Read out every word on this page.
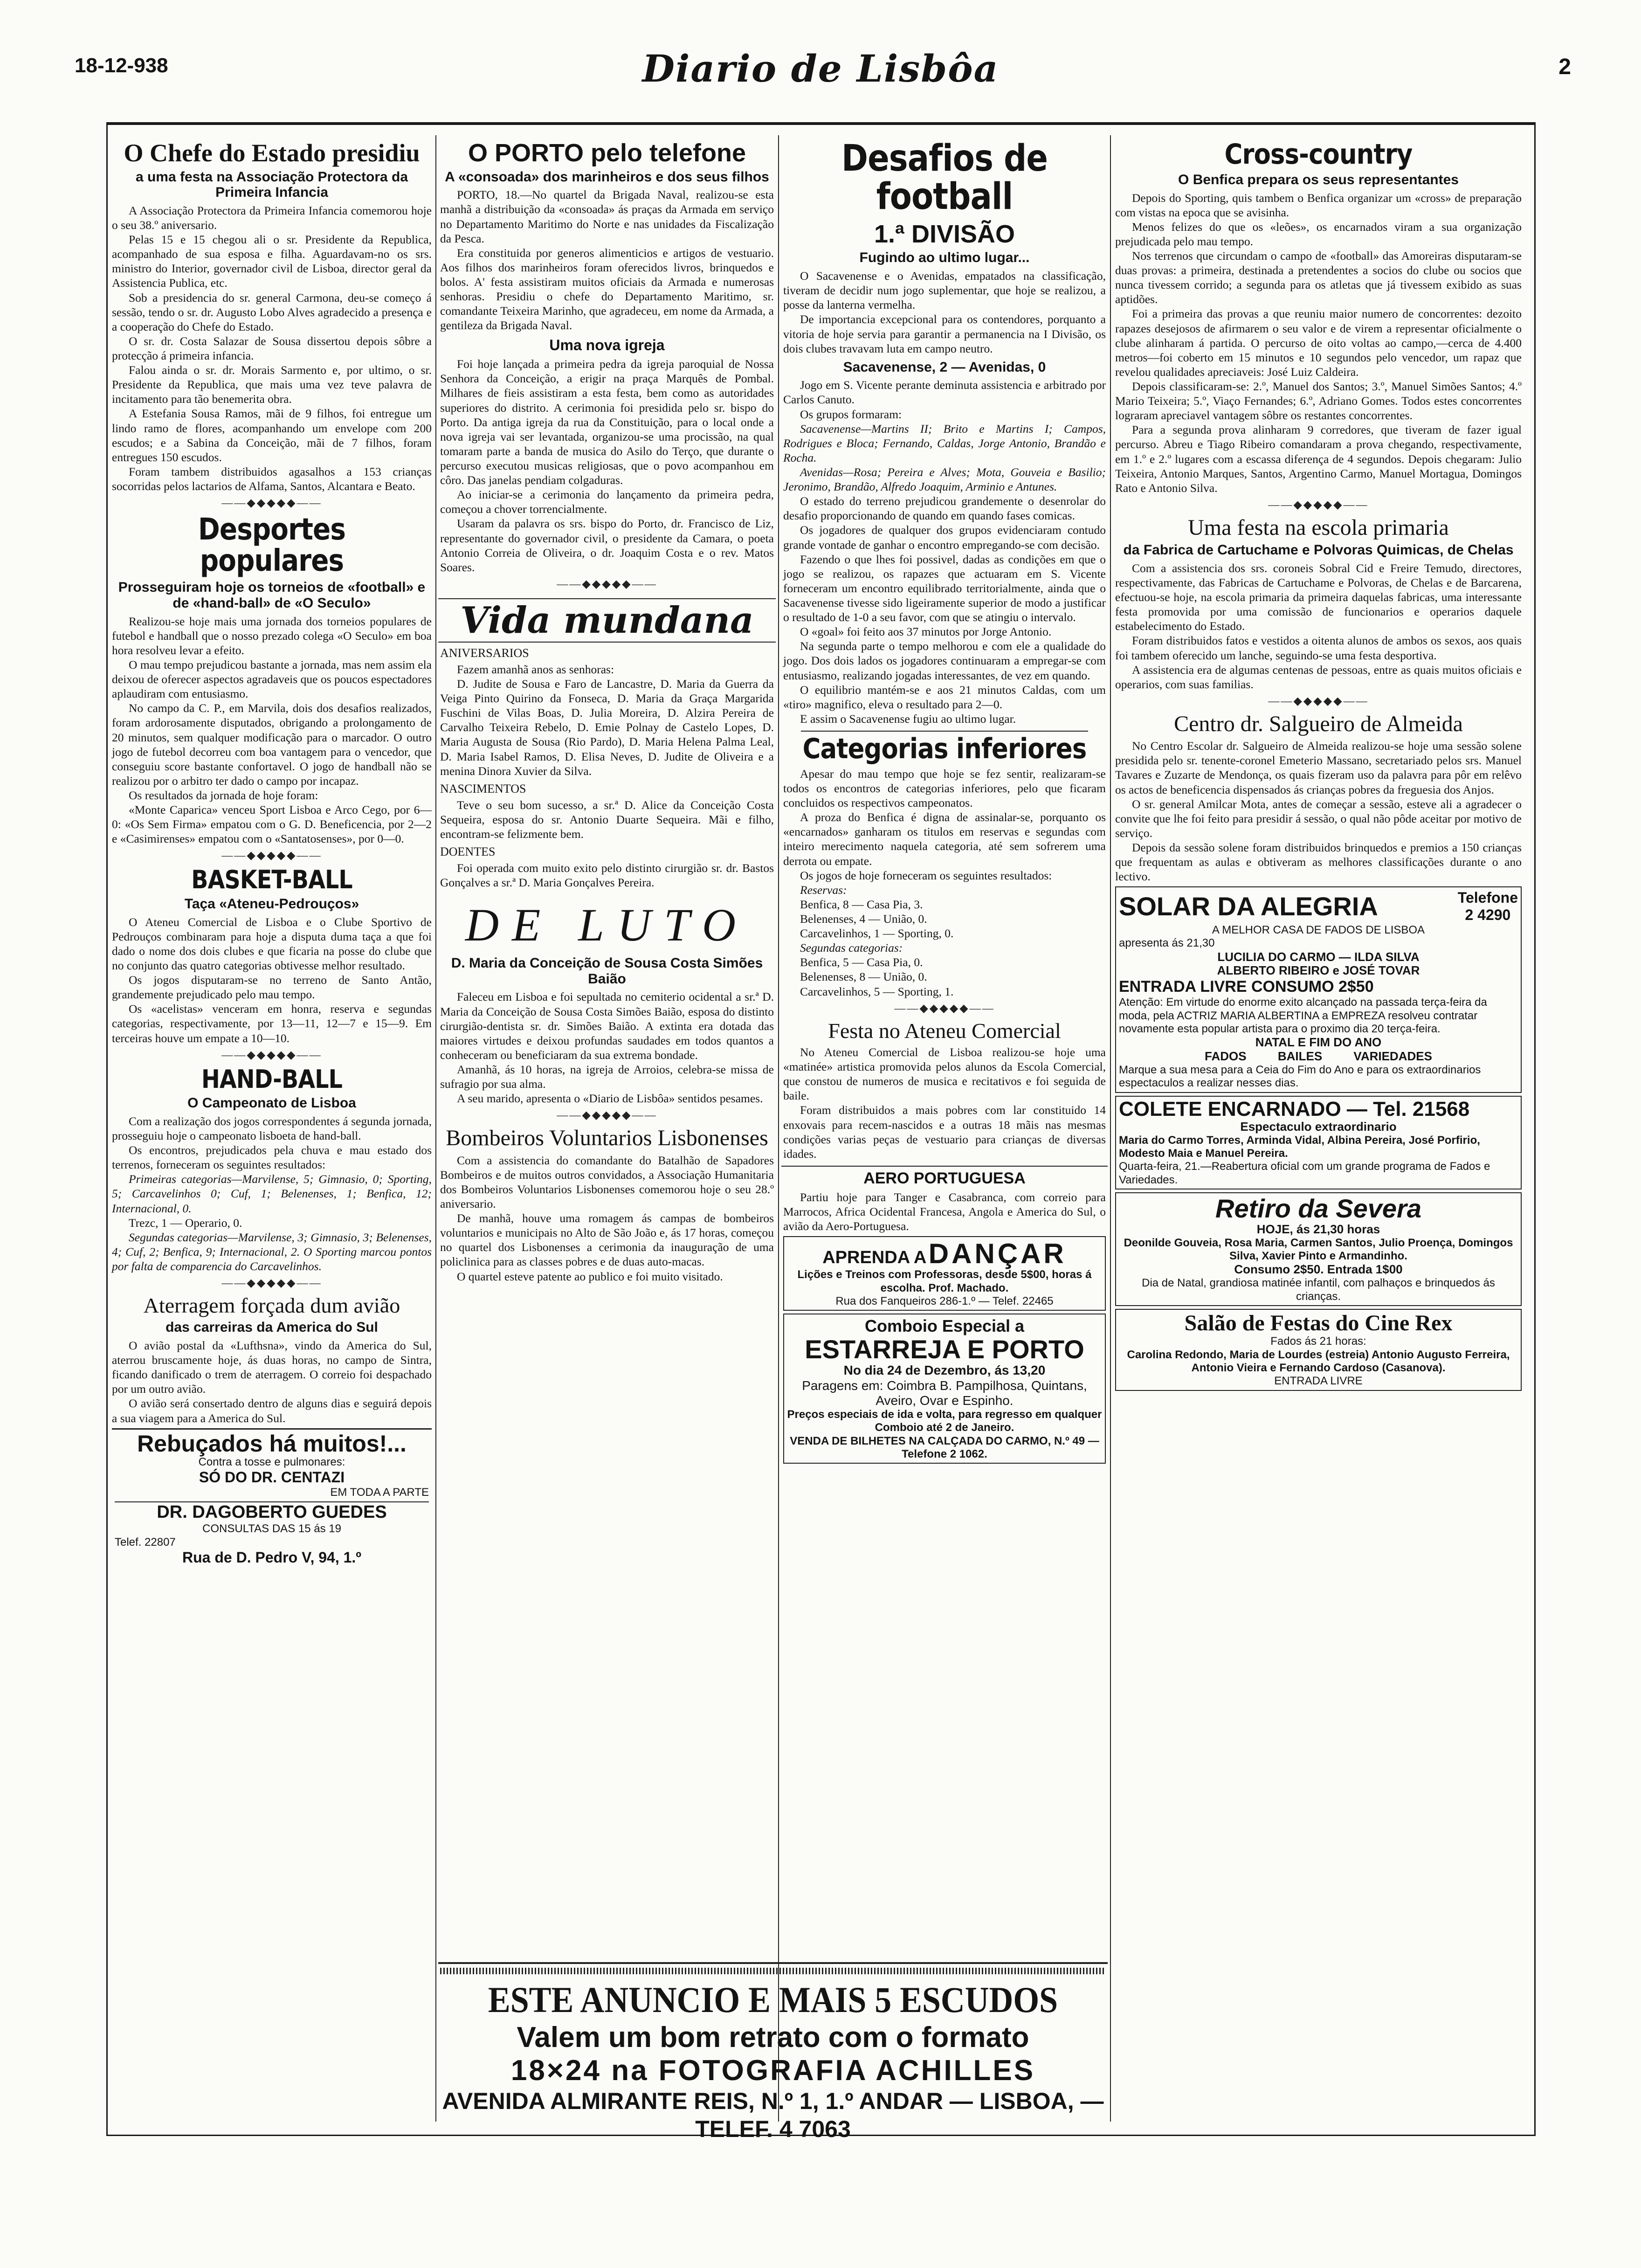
18-12-938	Diario de Lisbôa	2
O Chefe do Estado presidiu
a uma festa na Associação Protectora da Primeira Infancia

A Associação Protectora da Primeira Infancia comemorou hoje o seu 38.º aniversario.

Pelas 15 e 15 chegou ali o sr. Presidente da Republica, acompanhado de sua esposa e filha. Aguardavam-no os srs. ministro do Interior, governador civil de Lisboa, director geral da Assistencia Publica, etc.

Sob a presidencia do sr. general Carmona, deu-se começo á sessão, tendo o sr. dr. Augusto Lobo Alves agradecido a presença e a cooperação do Chefe do Estado.

O sr. dr. Costa Salazar de Sousa dissertou depois sôbre a protecção á primeira infancia.

Falou ainda o sr. dr. Morais Sarmento e, por ultimo, o sr. Presidente da Republica, que mais uma vez teve palavra de incitamento para tão benemerita obra.

A Estefania Sousa Ramos, mãi de 9 filhos, foi entregue um lindo ramo de flores, acompanhando um envelope com 200 escudos; e a Sabina da Conceição, mãi de 7 filhos, foram entregues 150 escudos.

Foram tambem distribuidos agasalhos a 153 crianças socorridas pelos lactarios de Alfama, Santos, Alcantara e Beato.

——◆◆◆◆◆——
Desportes populares
Prosseguiram hoje os torneios de «football» e de «hand-ball» de «O Seculo»

Realizou-se hoje mais uma jornada dos torneios populares de futebol e handball que o nosso prezado colega «O Seculo» em boa hora resolveu levar a efeito.

O mau tempo prejudicou bastante a jornada, mas nem assim ela deixou de oferecer aspectos agradaveis que os poucos espectadores aplaudiram com entusiasmo.

No campo da C. P., em Marvila, dois dos desafios realizados, foram ardorosamente disputados, obrigando a prolongamento de 20 minutos, sem qualquer modificação para o marcador. O outro jogo de futebol decorreu com boa vantagem para o vencedor, que conseguiu score bastante confortavel. O jogo de handball não se realizou por o arbitro ter dado o campo por incapaz.

Os resultados da jornada de hoje foram:

«Monte Caparica» venceu Sport Lisboa e Arco Cego, por 6—0: «Os Sem Firma» empatou com o G. D. Beneficencia, por 2—2 e «Casimirenses» empatou com o «Santatosenses», por 0—0.

——◆◆◆◆◆——
BASKET-BALL
Taça «Ateneu-Pedrouços»

O Ateneu Comercial de Lisboa e o Clube Sportivo de Pedrouços combinaram para hoje a disputa duma taça a que foi dado o nome dos dois clubes e que ficaria na posse do clube que no conjunto das quatro categorias obtivesse melhor resultado.

Os jogos disputaram-se no terreno de Santo Antão, grandemente prejudicado pelo mau tempo.

Os «acelistas» venceram em honra, reserva e segundas categorias, respectivamente, por 13—11, 12—7 e 15—9. Em terceiras houve um empate a 10—10.

——◆◆◆◆◆——
HAND-BALL
O Campeonato de Lisboa

Com a realização dos jogos correspondentes á segunda jornada, prosseguiu hoje o campeonato lisboeta de hand-ball.

Os encontros, prejudicados pela chuva e mau estado dos terrenos, forneceram os seguintes resultados:

Primeiras categorias—Marvilense, 5; Gimnasio, 0; Sporting, 5; Carcavelinhos 0; Cuf, 1; Belenenses, 1; Benfica, 12; Internacional, 0.

Trezc, 1 — Operario, 0.

Segundas categorias—Marvilense, 3; Gimnasio, 3; Belenenses, 4; Cuf, 2; Benfica, 9; Internacional, 2. O Sporting marcou pontos por falta de comparencia do Carcavelinhos.

——◆◆◆◆◆——
Aterragem forçada dum avião
das carreiras da America do Sul

O avião postal da «Lufthsna», vindo da America do Sul, aterrou bruscamente hoje, ás duas horas, no campo de Sintra, ficando danificado o trem de aterragem. O correio foi despachado por um outro avião.

O avião será consertado dentro de alguns dias e seguirá depois a sua viagem para a America do Sul.

Rebuçados há muitos!...
Contra a tosse e pulmonares:
SÓ DO DR. CENTAZI
EM TODA A PARTE
DR. DAGOBERTO GUEDES
CONSULTAS DAS 15 ás 19
Telef. 22807
Rua de D. Pedro V, 94, 1.º
O PORTO pelo telefone
A «consoada» dos marinheiros e dos seus filhos

PORTO, 18.—No quartel da Brigada Naval, realizou-se esta manhã a distribuição da «consoada» ás praças da Armada em serviço no Departamento Maritimo do Norte e nas unidades da Fiscalização da Pesca.

Era constituida por generos alimenticios e artigos de vestuario. Aos filhos dos marinheiros foram oferecidos livros, brinquedos e bolos. A' festa assistiram muitos oficiais da Armada e numerosas senhoras. Presidiu o chefe do Departamento Maritimo, sr. comandante Teixeira Marinho, que agradeceu, em nome da Armada, a gentileza da Brigada Naval.

Uma nova igreja

Foi hoje lançada a primeira pedra da igreja paroquial de Nossa Senhora da Conceição, a erigir na praça Marquês de Pombal. Milhares de fieis assistiram a esta festa, bem como as autoridades superiores do distrito. A cerimonia foi presidida pelo sr. bispo do Porto. Da antiga igreja da rua da Constituição, para o local onde a nova igreja vai ser levantada, organizou-se uma procissão, na qual tomaram parte a banda de musica do Asilo do Terço, que durante o percurso executou musicas religiosas, que o povo acompanhou em côro. Das janelas pendiam colgaduras.

Ao iniciar-se a cerimonia do lançamento da primeira pedra, começou a chover torrencialmente.

Usaram da palavra os srs. bispo do Porto, dr. Francisco de Liz, representante do governador civil, o presidente da Camara, o poeta Antonio Correia de Oliveira, o dr. Joaquim Costa e o rev. Matos Soares.

——◆◆◆◆◆——
Vida mundana
ANIVERSARIOS

Fazem amanhã anos as senhoras:

D. Judite de Sousa e Faro de Lancastre, D. Maria da Guerra da Veiga Pinto Quirino da Fonseca, D. Maria da Graça Margarida Fuschini de Vilas Boas, D. Julia Moreira, D. Alzira Pereira de Carvalho Teixeira Rebelo, D. Emie Polnay de Castelo Lopes, D. Maria Augusta de Sousa (Rio Pardo), D. Maria Helena Palma Leal, D. Maria Isabel Ramos, D. Elisa Neves, D. Judite de Oliveira e a menina Dinora Xuvier da Silva.

NASCIMENTOS

Teve o seu bom sucesso, a sr.ª D. Alice da Conceição Costa Sequeira, esposa do sr. Antonio Duarte Sequeira. Mãi e filho, encontram-se felizmente bem.

DOENTES

Foi operada com muito exito pelo distinto cirurgião sr. dr. Bastos Gonçalves a sr.ª D. Maria Gonçalves Pereira.

DE LUTO
D. Maria da Conceição de Sousa Costa Simões Baião

Faleceu em Lisboa e foi sepultada no cemiterio ocidental a sr.ª D. Maria da Conceição de Sousa Costa Simões Baião, esposa do distinto cirurgião-dentista sr. dr. Simões Baião. A extinta era dotada das maiores virtudes e deixou profundas saudades em todos quantos a conheceram ou beneficiaram da sua extrema bondade.

Amanhã, ás 10 horas, na igreja de Arroios, celebra-se missa de sufragio por sua alma.

A seu marido, apresenta o «Diario de Lisbôa» sentidos pesames.

——◆◆◆◆◆——
Bombeiros Voluntarios Lisbonenses

Com a assistencia do comandante do Batalhão de Sapadores Bombeiros e de muitos outros convidados, a Associação Humanitaria dos Bombeiros Voluntarios Lisbonenses comemorou hoje o seu 28.º aniversario.

De manhã, houve uma romagem ás campas de bombeiros voluntarios e municipais no Alto de São João e, ás 17 horas, começou no quartel dos Lisbonenses a cerimonia da inauguração de uma policlinica para as classes pobres e de duas auto-macas.

O quartel esteve patente ao publico e foi muito visitado.

Desafios de football
1.ª DIVISÃO
Fugindo ao ultimo lugar...

O Sacavenense e o Avenidas, empatados na classificação, tiveram de decidir num jogo suplementar, que hoje se realizou, a posse da lanterna vermelha.

De importancia excepcional para os contendores, porquanto a vitoria de hoje servia para garantir a permanencia na I Divisão, os dois clubes travavam luta em campo neutro.

Sacavenense, 2 — Avenidas, 0

Jogo em S. Vicente perante deminuta assistencia e arbitrado por Carlos Canuto.

Os grupos formaram:

Sacavenense—Martins II; Brito e Martins I; Campos, Rodrigues e Bloca; Fernando, Caldas, Jorge Antonio, Brandão e Rocha.

Avenidas—Rosa; Pereira e Alves; Mota, Gouveia e Basilio; Jeronimo, Brandão, Alfredo Joaquim, Arminio e Antunes.

O estado do terreno prejudicou grandemente o desenrolar do desafio proporcionando de quando em quando fases comicas.

Os jogadores de qualquer dos grupos evidenciaram contudo grande vontade de ganhar o encontro empregando-se com decisão.

Fazendo o que lhes foi possivel, dadas as condições em que o jogo se realizou, os rapazes que actuaram em S. Vicente forneceram um encontro equilibrado territorialmente, ainda que o Sacavenense tivesse sido ligeiramente superior de modo a justificar o resultado de 1-0 a seu favor, com que se atingiu o intervalo.

O «goal» foi feito aos 37 minutos por Jorge Antonio.

Na segunda parte o tempo melhorou e com ele a qualidade do jogo. Dos dois lados os jogadores continuaram a empregar-se com entusiasmo, realizando jogadas interessantes, de vez em quando.

O equilibrio mantém-se e aos 21 minutos Caldas, com um «tiro» magnifico, eleva o resultado para 2—0.

E assim o Sacavenense fugiu ao ultimo lugar.

Categorias inferiores

Apesar do mau tempo que hoje se fez sentir, realizaram-se todos os encontros de categorias inferiores, pelo que ficaram concluidos os respectivos campeonatos.

A proza do Benfica é digna de assinalar-se, porquanto os «encarnados» ganharam os titulos em reservas e segundas com inteiro merecimento naquela categoria, até sem sofrerem uma derrota ou empate.

Os jogos de hoje forneceram os seguintes resultados:

Reservas:

Benfica, 8 — Casa Pia, 3.

Belenenses, 4 — União, 0.

Carcavelinhos, 1 — Sporting, 0.

Segundas categorias:

Benfica, 5 — Casa Pia, 0.

Belenenses, 8 — União, 0.

Carcavelinhos, 5 — Sporting, 1.

——◆◆◆◆◆——
Festa no Ateneu Comercial

No Ateneu Comercial de Lisboa realizou-se hoje uma «matinée» artistica promovida pelos alunos da Escola Comercial, que constou de numeros de musica e recitativos e foi seguida de baile.

Foram distribuidos a mais pobres com lar constituido 14 enxovais para recem-nascidos e a outras 18 mãis nas mesmas condições varias peças de vestuario para crianças de diversas idades.

AERO PORTUGUESA

Partiu hoje para Tanger e Casabranca, com correio para Marrocos, Africa Ocidental Francesa, Angola e America do Sul, o avião da Aero-Portuguesa.

APRENDA A DANÇAR
Lições e Treinos com Professoras, desde 5$00, horas á escolha. Prof. Machado.
Rua dos Fanqueiros 286-1.º — Telef. 22465
Comboio Especial a
ESTARREJA E PORTO
No dia 24 de Dezembro, ás 13,20
Paragens em: Coimbra B. Pampilhosa, Quintans, Aveiro, Ovar e Espinho.
Preços especiais de ida e volta, para regresso em qualquer Comboio até 2 de Janeiro.
VENDA DE BILHETES NA CALÇADA DO CARMO, N.º 49 — Telefone 2 1062.
Cross-country
O Benfica prepara os seus representantes

Depois do Sporting, quis tambem o Benfica organizar um «cross» de preparação com vistas na epoca que se avisinha.

Menos felizes do que os «leões», os encarnados viram a sua organização prejudicada pelo mau tempo.

Nos terrenos que circundam o campo de «football» das Amoreiras disputaram-se duas provas: a primeira, destinada a pretendentes a socios do clube ou socios que nunca tivessem corrido; a segunda para os atletas que já tivessem exibido as suas aptidões.

Foi a primeira das provas a que reuniu maior numero de concorrentes: dezoito rapazes desejosos de afirmarem o seu valor e de virem a representar oficialmente o clube alinharam á partida. O percurso de oito voltas ao campo,—cerca de 4.400 metros—foi coberto em 15 minutos e 10 segundos pelo vencedor, um rapaz que revelou qualidades apreciaveis: José Luiz Caldeira.

Depois classificaram-se: 2.º, Manuel dos Santos; 3.º, Manuel Simões Santos; 4.º Mario Teixeira; 5.º, Viaço Fernandes; 6.º, Adriano Gomes. Todos estes concorrentes lograram apreciavel vantagem sôbre os restantes concorrentes.

Para a segunda prova alinharam 9 corredores, que tiveram de fazer igual percurso. Abreu e Tiago Ribeiro comandaram a prova chegando, respectivamente, em 1.º e 2.º lugares com a escassa diferença de 4 segundos. Depois chegaram: Julio Teixeira, Antonio Marques, Santos, Argentino Carmo, Manuel Mortagua, Domingos Rato e Antonio Silva.

——◆◆◆◆◆——
Uma festa na escola primaria
da Fabrica de Cartuchame e Polvoras Quimicas, de Chelas

Com a assistencia dos srs. coroneis Sobral Cid e Freire Temudo, directores, respectivamente, das Fabricas de Cartuchame e Polvoras, de Chelas e de Barcarena, efectuou-se hoje, na escola primaria da primeira daquelas fabricas, uma interessante festa promovida por uma comissão de funcionarios e operarios daquele estabelecimento do Estado.

Foram distribuidos fatos e vestidos a oitenta alunos de ambos os sexos, aos quais foi tambem oferecido um lanche, seguindo-se uma festa desportiva.

A assistencia era de algumas centenas de pessoas, entre as quais muitos oficiais e operarios, com suas familias.

——◆◆◆◆◆——
Centro dr. Salgueiro de Almeida

No Centro Escolar dr. Salgueiro de Almeida realizou-se hoje uma sessão solene presidida pelo sr. tenente-coronel Emeterio Massano, secretariado pelos srs. Manuel Tavares e Zuzarte de Mendonça, os quais fizeram uso da palavra para pôr em relêvo os actos de beneficencia dispensados ás crianças pobres da freguesia dos Anjos.

O sr. general Amilcar Mota, antes de começar a sessão, esteve ali a agradecer o convite que lhe foi feito para presidir á sessão, o qual não pôde aceitar por motivo de serviço.

Depois da sessão solene foram distribuidos brinquedos e premios a 150 crianças que frequentam as aulas e obtiveram as melhores classificações durante o ano lectivo.

SOLAR DA ALEGRIA	Telefone
2 4290
A MELHOR CASA DE FADOS DE LISBOA
apresenta ás 21,30
LUCILIA DO CARMO — ILDA SILVA
ALBERTO RIBEIRO e JOSÉ TOVAR
ENTRADA LIVRE CONSUMO 2$50
Atenção: Em virtude do enorme exito alcançado na passada terça-feira da moda, pela ACTRIZ MARIA ALBERTINA a EMPREZA resolveu contratar novamente esta popular artista para o proximo dia 20 terça-feira.
NATAL E FIM DO ANO
FADOS BAILES VARIEDADES
Marque a sua mesa para a Ceia do Fim do Ano e para os extraordinarios espectaculos a realizar nesses dias.
COLETE ENCARNADO — Tel. 21568
Espectaculo extraordinario
Maria do Carmo Torres, Arminda Vidal, Albina Pereira, José Porfirio, Modesto Maia e Manuel Pereira.
Quarta-feira, 21.—Reabertura oficial com um grande programa de Fados e Variedades.
Retiro da Severa
HOJE, ás 21,30 horas
Deonilde Gouveia, Rosa Maria, Carmen Santos, Julio Proença, Domingos Silva, Xavier Pinto e Armandinho.
Consumo 2$50. Entrada 1$00
Dia de Natal, grandiosa matinée infantil, com palhaços e brinquedos ás crianças.
Salão de Festas do Cine Rex
Fados ás 21 horas:
Carolina Redondo, Maria de Lourdes (estreia) Antonio Augusto Ferreira, Antonio Vieira e Fernando Cardoso (Casanova).
ENTRADA LIVRE
ESTE ANUNCIO E MAIS 5 ESCUDOS
Valem um bom retrato com o formato
18×24 na FOTOGRAFIA ACHILLES
AVENIDA ALMIRANTE REIS, N.º 1, 1.º ANDAR — LISBOA, — TELEF. 4 7063
